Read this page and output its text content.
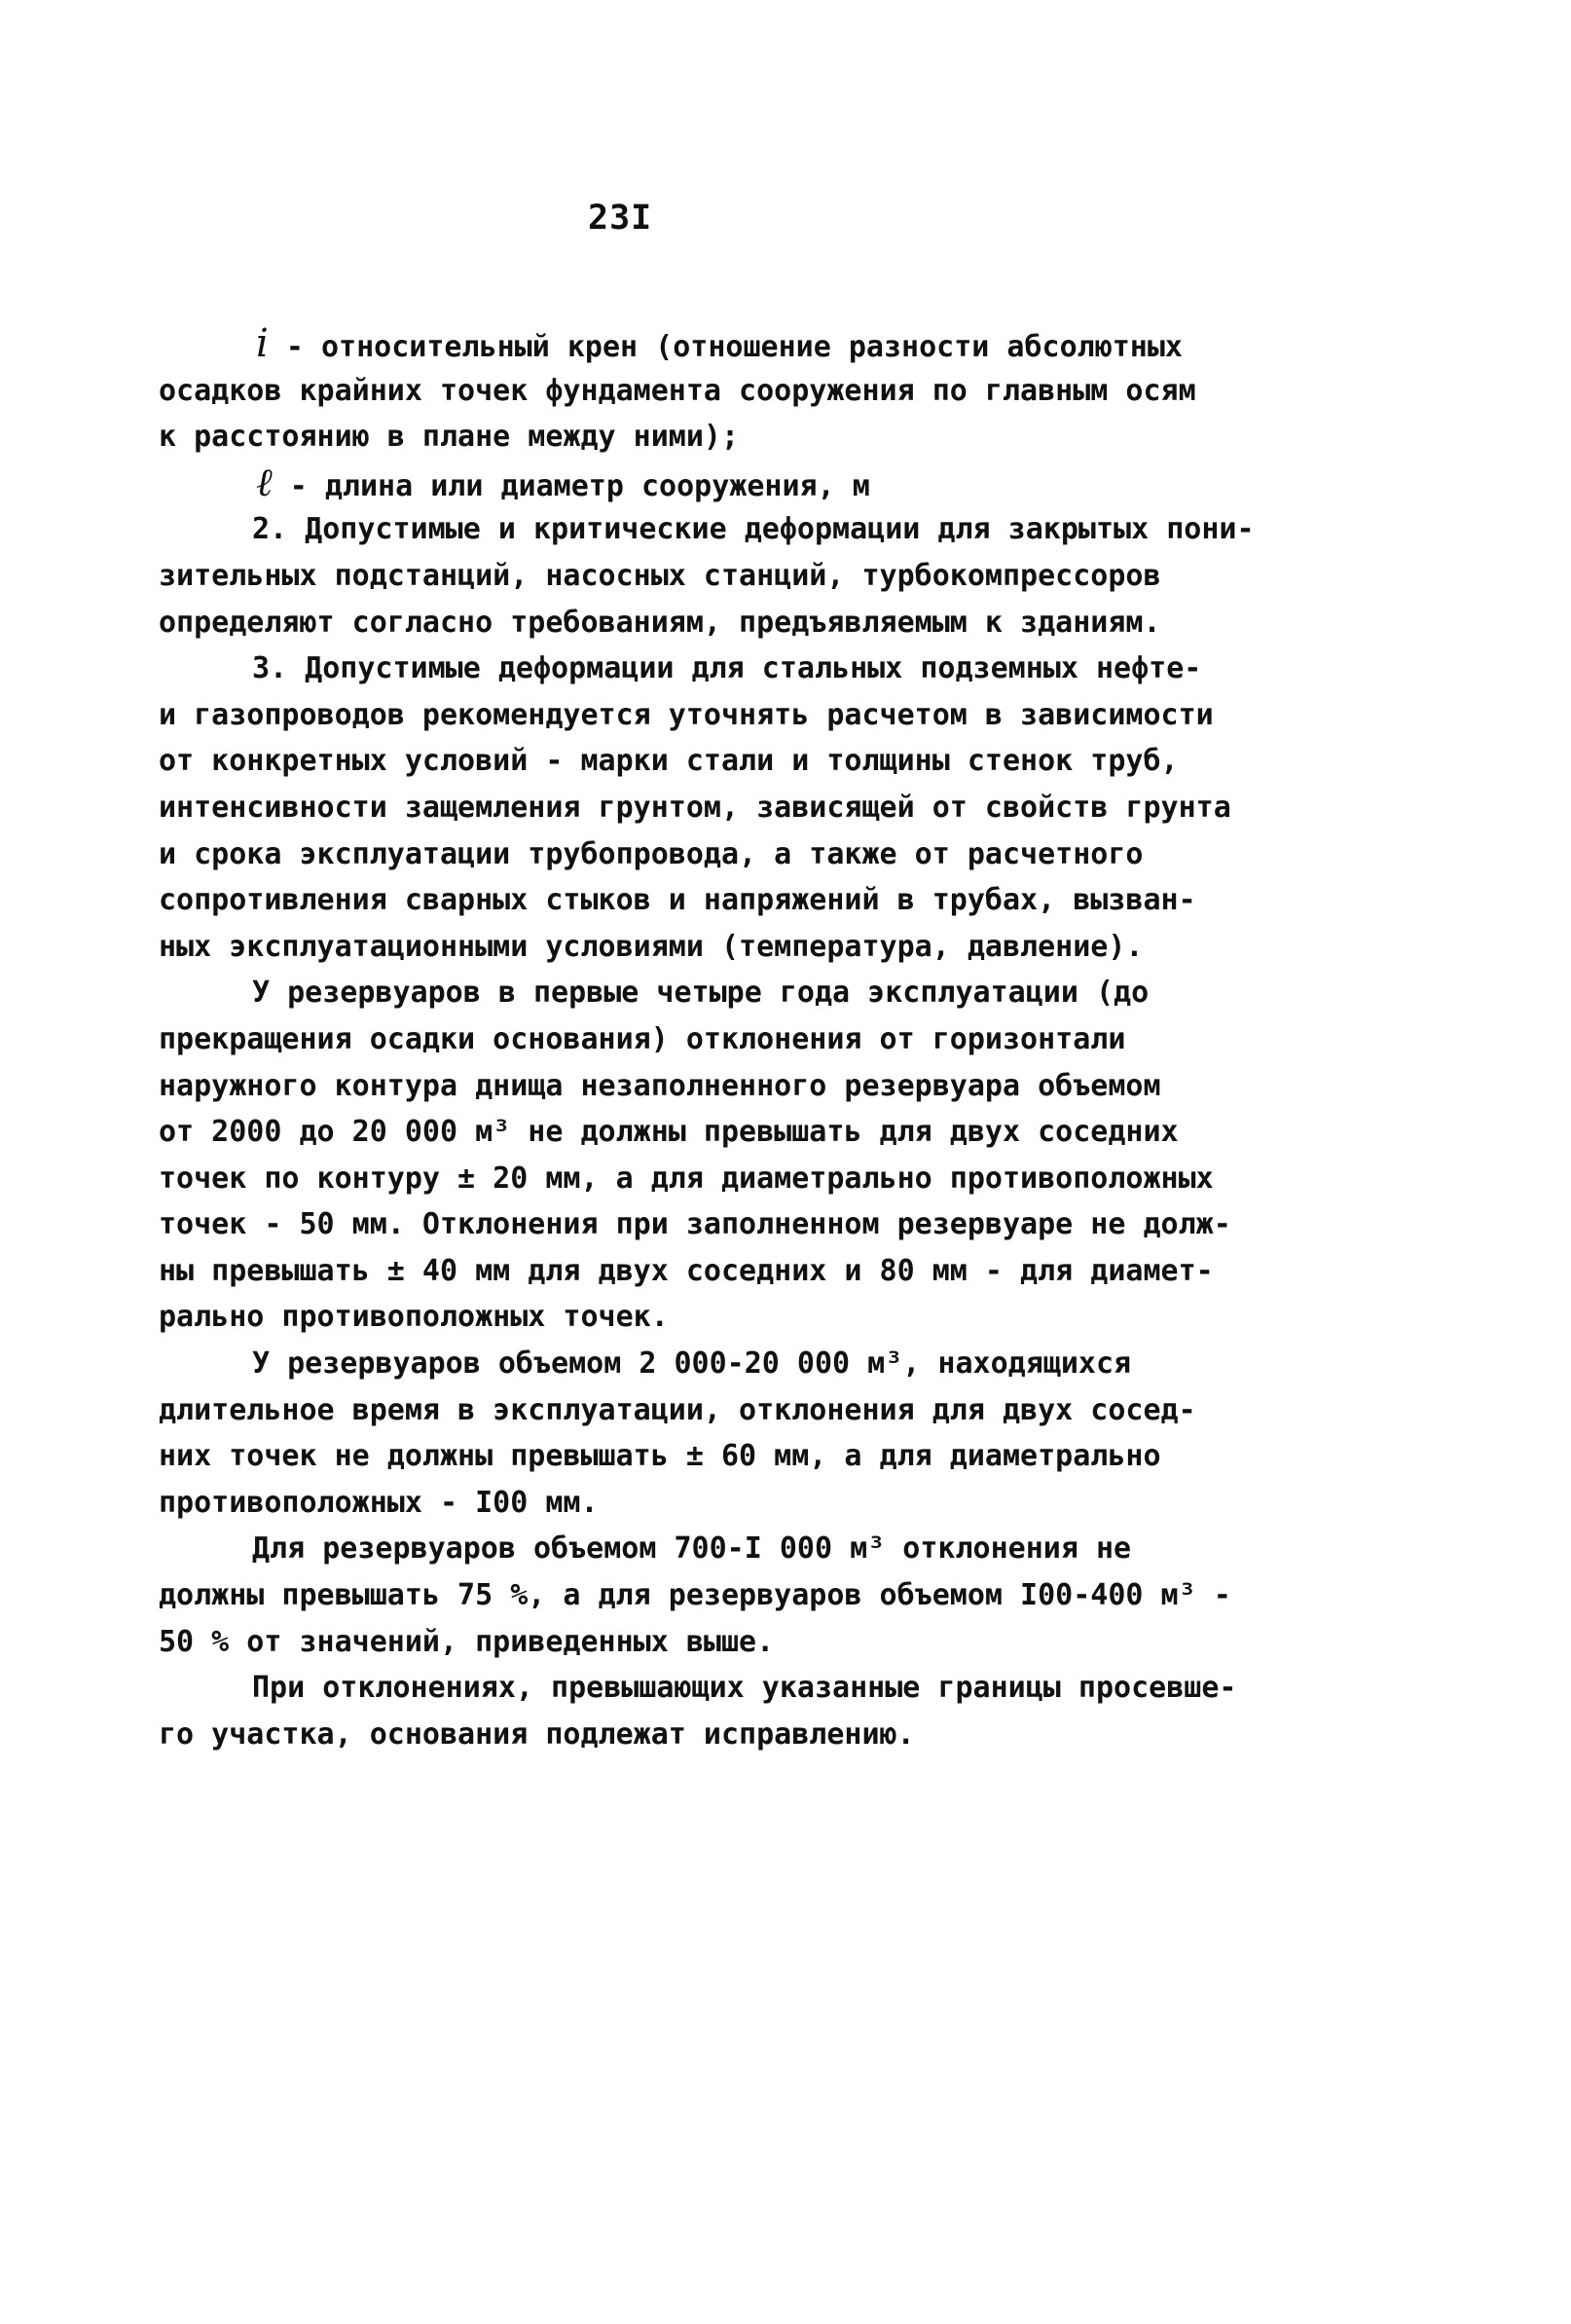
23I
i - относительный крен (отношение разности абсолютных
осадков крайних точек фундамента сооружения по главным осям
к расстоянию в плане между ними);
ℓ - длина или диаметр сооружения, м
2. Допустимые и критические деформации для закрытых пони-
зительных подстанций, насосных станций, турбокомпрессоров
определяют согласно требованиям, предъявляемым к зданиям.
3. Допустимые деформации для стальных подземных нефте-
и газопроводов рекомендуется уточнять расчетом в зависимости
от конкретных условий - марки стали и толщины стенок труб,
интенсивности защемления грунтом, зависящей от свойств грунта
и срока эксплуатации трубопровода, а также от расчетного
сопротивления сварных стыков и напряжений в трубах, вызван-
ных эксплуатационными условиями (температура, давление).
У резервуаров в первые четыре года эксплуатации (до
прекращения осадки основания) отклонения от горизонтали
наружного контура днища незаполненного резервуара объемом
от 2000 до 20 000 м³ не должны превышать для двух соседних
точек по контуру ± 20 мм, а для диаметрально противоположных
точек - 50 мм. Отклонения при заполненном резервуаре не долж-
ны превышать ± 40 мм для двух соседних и 80 мм - для диамет-
рально противоположных точек.
У резервуаров объемом 2 000-20 000 м³, находящихся
длительное время в эксплуатации, отклонения для двух сосед-
них точек не должны превышать ± 60 мм, а для диаметрально
противоположных - I00 мм.
Для резервуаров объемом 700-I 000 м³ отклонения не
должны превышать 75 %, а для резервуаров объемом I00-400 м³ -
50 % от значений, приведенных выше.
При отклонениях, превышающих указанные границы просевше-
го участка, основания подлежат исправлению.
